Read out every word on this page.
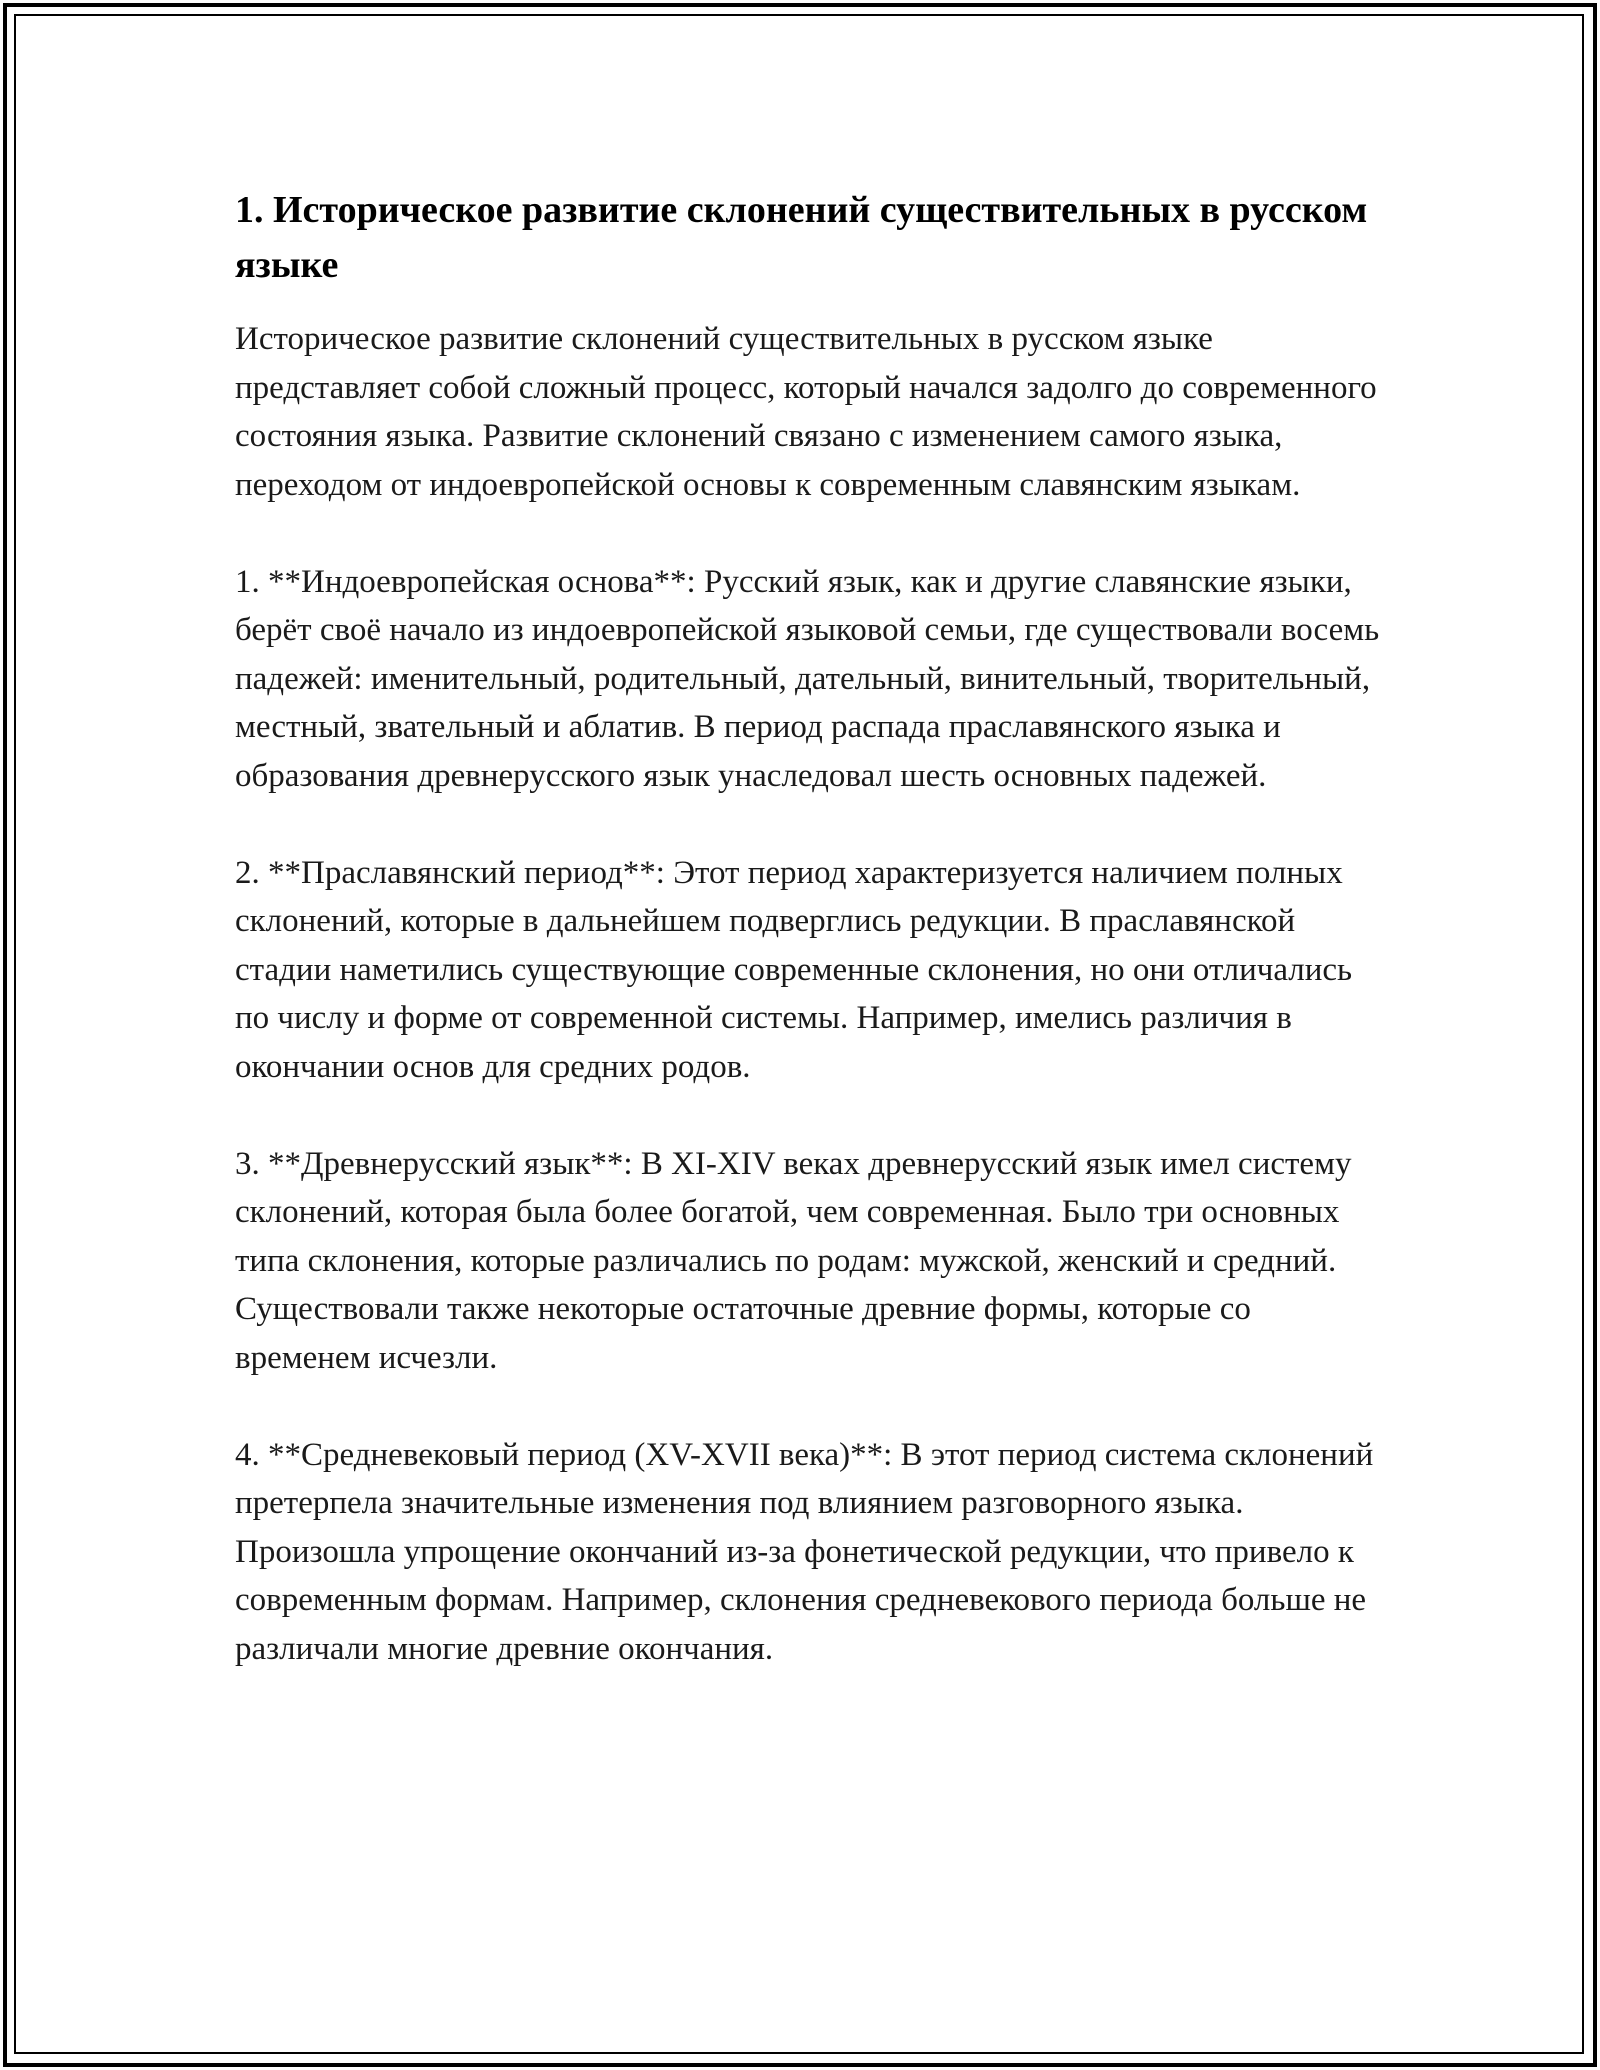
1. Историческое развитие склонений существительных в русском языке

Историческое развитие склонений существительных в русском языке представляет собой сложный процесс, который начался задолго до современного состояния языка. Развитие склонений связано с изменением самого языка, переходом от индоевропейской основы к современным славянским языкам.

1. **Индоевропейская основа**: Русский язык, как и другие славянские языки, берёт своё начало из индоевропейской языковой семьи, где существовали восемь падежей: именительный, родительный, дательный, винительный, творительный, местный, звательный и аблатив. В период распада праславянского языка и образования древнерусского язык унаследовал шесть основных падежей.

2. **Праславянский период**: Этот период характеризуется наличием полных склонений, которые в дальнейшем подверглись редукции. В праславянской стадии наметились существующие современные склонения, но они отличались по числу и форме от современной системы. Например, имелись различия в окончании основ для средних родов.

3. **Древнерусский язык**: В XI-XIV веках древнерусский язык имел систему склонений, которая была более богатой, чем современная. Было три основных типа склонения, которые различались по родам: мужской, женский и средний. Существовали также некоторые остаточные древние формы, которые со временем исчезли.

4. **Средневековый период (XV-XVII века)**: В этот период система склонений претерпела значительные изменения под влиянием разговорного языка. Произошла упрощение окончаний из-за фонетической редукции, что привело к современным формам. Например, склонения средневекового периода больше не различали многие древние окончания.
